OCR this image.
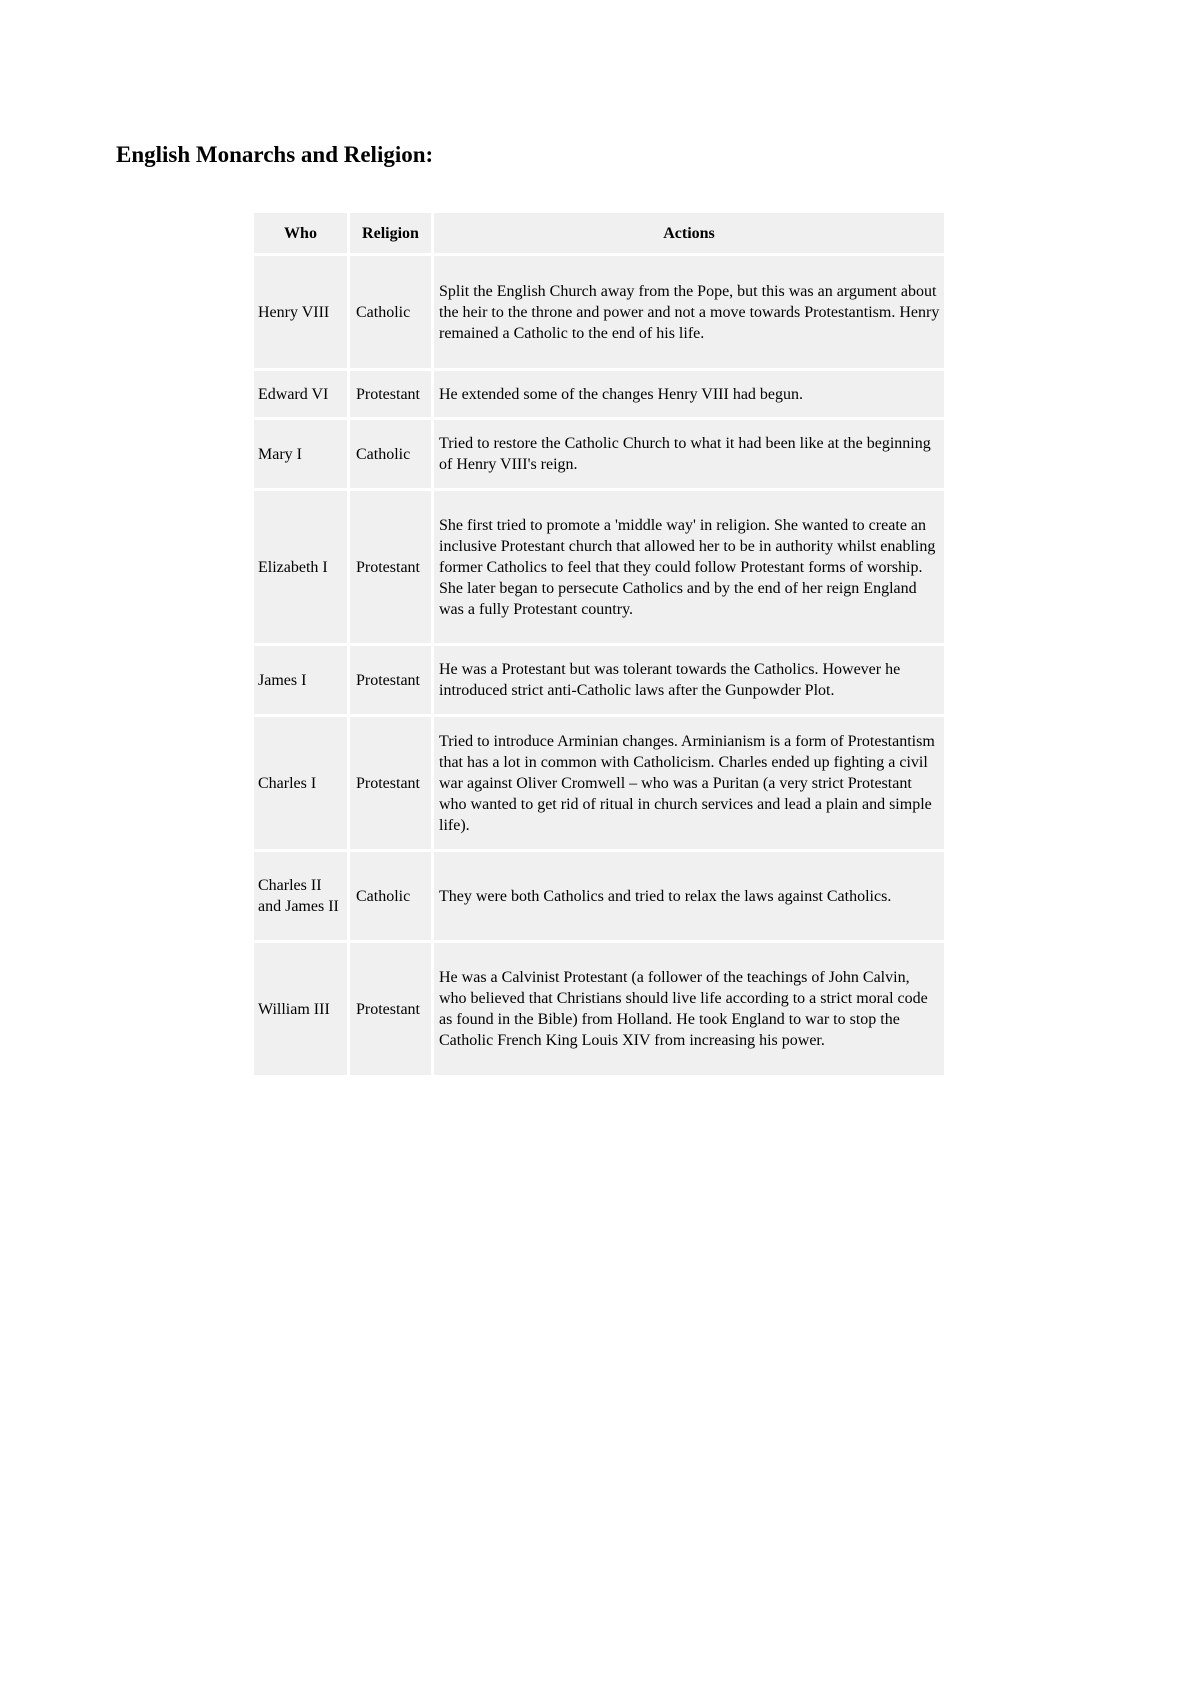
English Monarchs and Religion:
Who	Religion	Actions
Henry VIII	Catholic	Split the English Church away from the Pope, but this was an argument about the heir to the throne and power and not a move towards Protestantism. Henry remained a Catholic to the end of his life.
Edward VI	Protestant	He extended some of the changes Henry VIII had begun.
Mary I	Catholic	Tried to restore the Catholic Church to what it had been like at the beginning of Henry VIII's reign.
Elizabeth I	Protestant	She first tried to promote a 'middle way' in religion. She wanted to create an inclusive Protestant church that allowed her to be in authority whilst enabling former Catholics to feel that they could follow Protestant forms of worship. She later began to persecute Catholics and by the end of her reign England was a fully Protestant country.
James I	Protestant	He was a Protestant but was tolerant towards the Catholics. However he introduced strict anti-Catholic laws after the Gunpowder Plot.
Charles I	Protestant	Tried to introduce Arminian changes. Arminianism is a form of Protestantism that has a lot in common with Catholicism. Charles ended up fighting a civil war against Oliver Cromwell – who was a Puritan (a very strict Protestant who wanted to get rid of ritual in church services and lead a plain and simple life).
Charles II and James II	Catholic	They were both Catholics and tried to relax the laws against Catholics.
William III	Protestant	He was a Calvinist Protestant (a follower of the teachings of John Calvin, who believed that Christians should live life according to a strict moral code as found in the Bible) from Holland. He took England to war to stop the Catholic French King Louis XIV from increasing his power.
